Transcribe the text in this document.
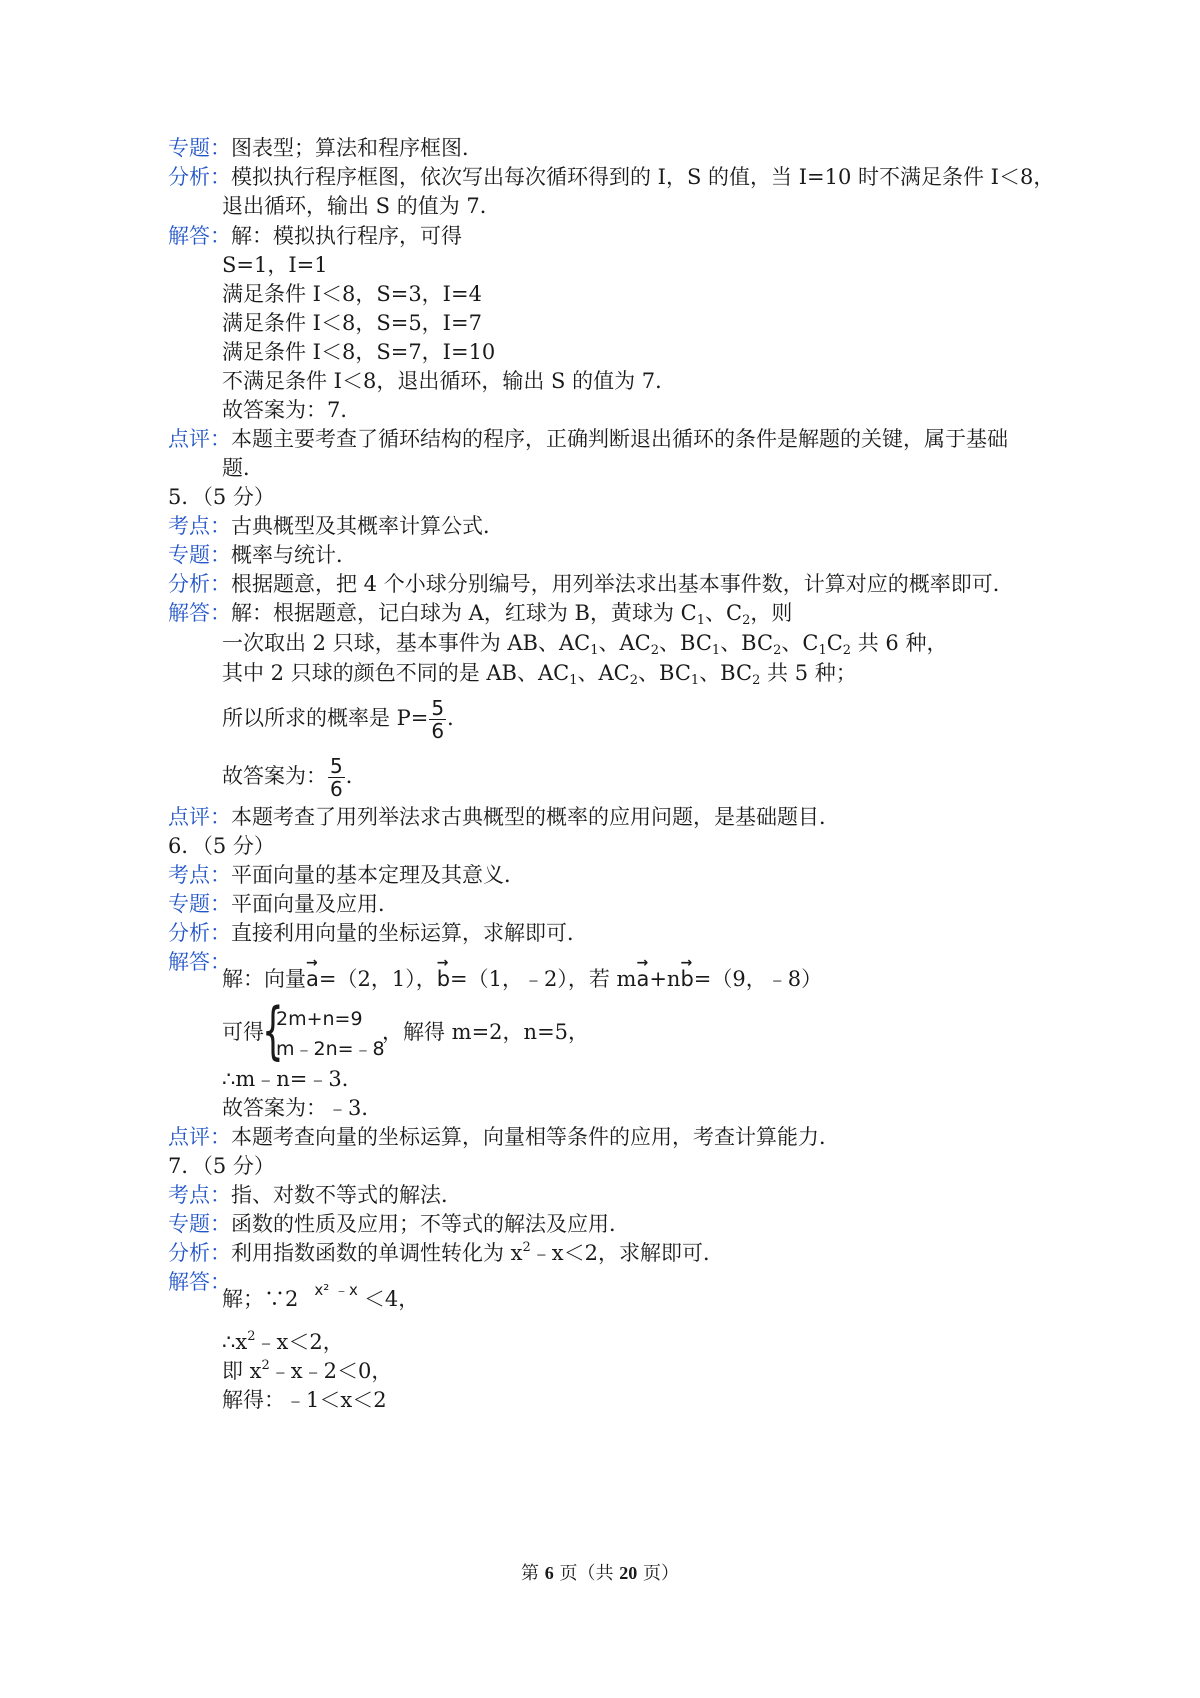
专题：图表型；算法和程序框图．
分析：模拟执行程序框图，依次写出每次循环得到的 I，S 的值，当 I=10 时不满足条件 I＜8，
退出循环，输出 S 的值为 7．
解答：解：模拟执行程序，可得
S=1，I=1
满足条件 I＜8，S=3，I=4
满足条件 I＜8，S=5，I=7
满足条件 I＜8，S=7，I=10
不满足条件 I＜8，退出循环，输出 S 的值为 7．
故答案为：7．
点评：本题主要考查了循环结构的程序，正确判断退出循环的条件是解题的关键，属于基础
题．
5．（5 分）
考点：古典概型及其概率计算公式．
专题：概率与统计．
分析：根据题意，把 4 个小球分别编号，用列举法求出基本事件数，计算对应的概率即可．
解答：解：根据题意，记白球为 A，红球为 B，黄球为 $C_1$、$C_2$，则
一次取出 2 只球，基本事件为 AB、$AC_1$、$AC_2$、$BC_1$、$BC_2$、$C_1C_2$ 共 6 种，
其中 2 只球的颜色不同的是 AB、$AC_1$、$AC_2$、$BC_1$、$BC_2$ 共 5 种；
所以所求的概率是 $P= \frac{5}{6}$ ．
故答案为： $\frac{5}{6}$ ．
点评：本题考查了用列举法求古典概型的概率的应用问题，是基础题目．
6．（5 分）
考点：平面向量的基本定理及其意义．
专题：平面向量及应用．
分析：直接利用向量的坐标运算，求解即可．
解答：
解：向量→ a=（2，1），→ b=（1，﹣2），若 m→ a+n→ b=（9，﹣8）
可得
{
2m+n=9
m﹣2n=﹣8
，解得 m=2，n=5，
∴m﹣n=﹣3．
故答案为：﹣3．
点评：本题考查向量的坐标运算，向量相等条件的应用，考查计算能力．
7．（5 分）
考点：指、对数不等式的解法．
专题：函数的性质及应用；不等式的解法及应用．
分析：利用指数函数的单调性转化为 $x^2﹣x<2$，求解即可．
解答：
解；∵2 $^{x^2 ﹣x}$ ＜4，
$\therefore x^2﹣x<2$，
即 $x^2﹣x﹣2<0$，
解得：﹣1＜x＜2
第 6 页（共 20 页）
